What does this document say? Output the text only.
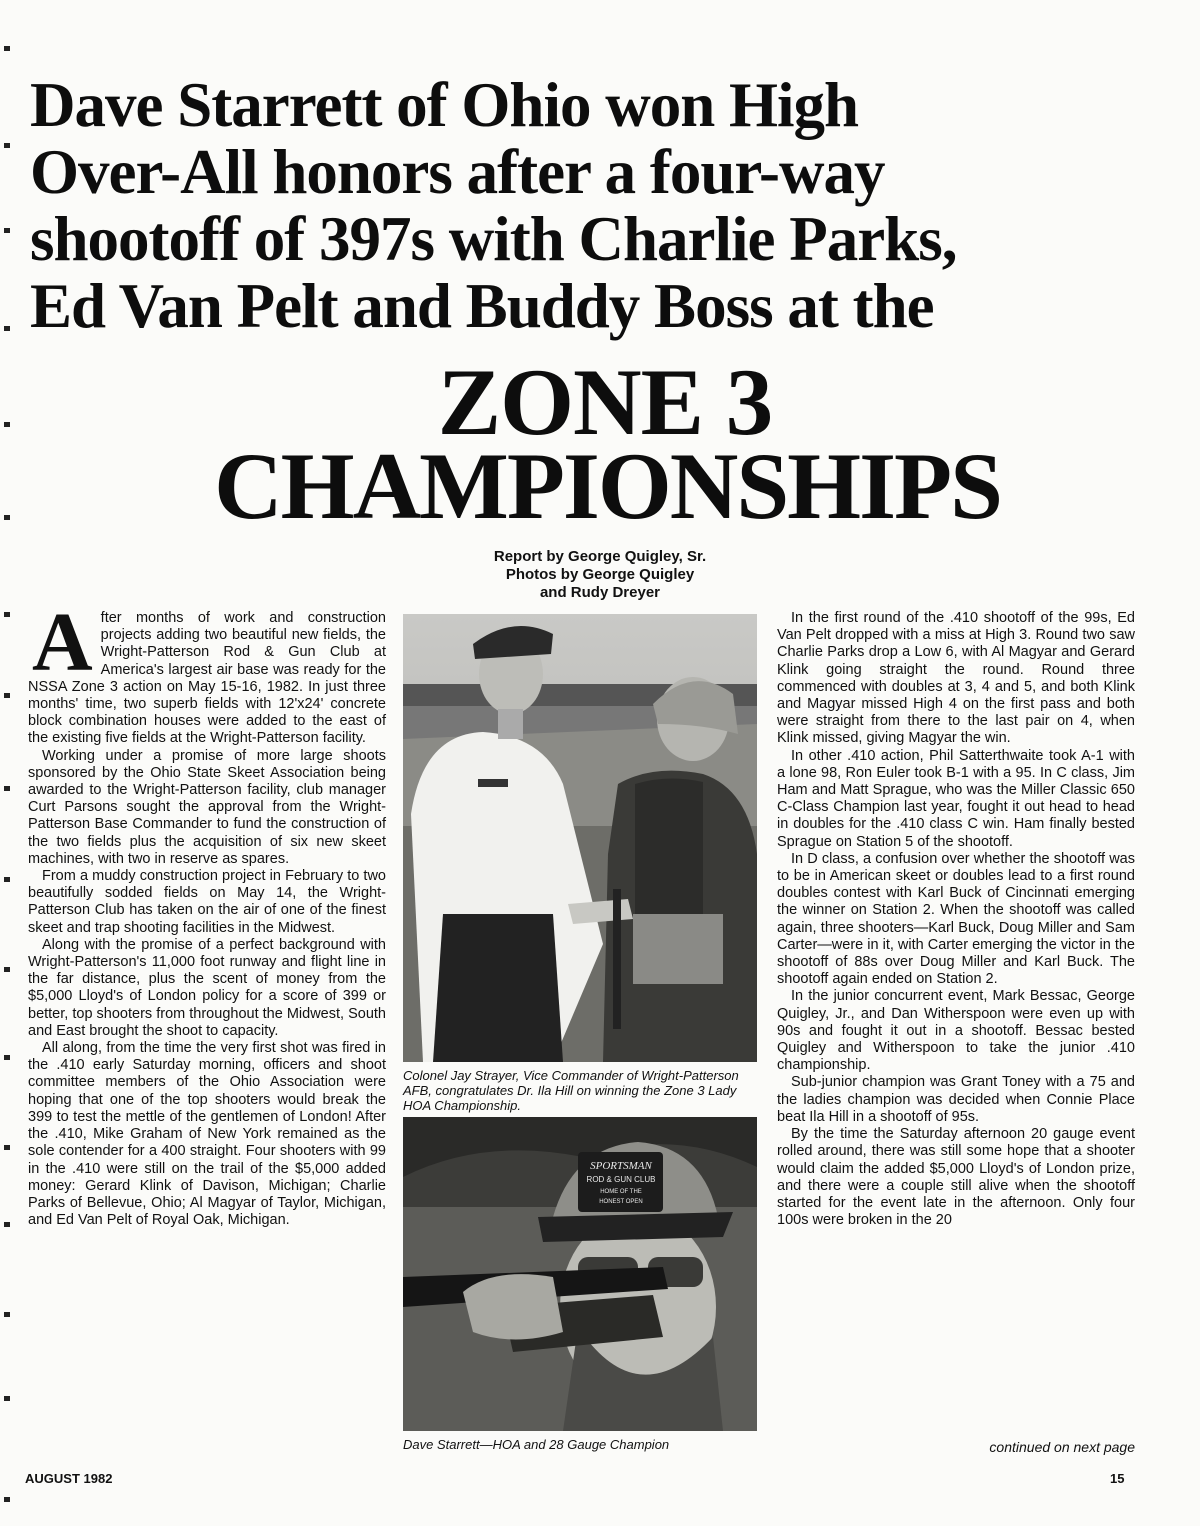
Dave Starrett of Ohio won High
Over-All honors after a four-way
shootoff of 397s with Charlie Parks,
Ed Van Pelt and Buddy Boss at the
ZONE 3
CHAMPIONSHIPS
Report by George Quigley, Sr.
Photos by George Quigley
and Rudy Dreyer

After months of work and construction projects adding two beautiful new fields, the Wright-Patterson Rod & Gun Club at America's largest air base was ready for the NSSA Zone 3 action on May 15-16, 1982. In just three months' time, two superb fields with 12'x24' concrete block combination houses were added to the east of the existing five fields at the Wright-Patterson facility.

Working under a promise of more large shoots sponsored by the Ohio State Skeet Association being awarded to the Wright-Patterson facility, club manager Curt Parsons sought the approval from the Wright-Patterson Base Commander to fund the construction of the two fields plus the acquisition of six new skeet machines, with two in reserve as spares.

From a muddy construction project in February to two beautifully sodded fields on May 14, the Wright-Patterson Club has taken on the air of one of the finest skeet and trap shooting facilities in the Midwest.

Along with the promise of a perfect background with Wright-Patterson's 11,000 foot runway and flight line in the far distance, plus the scent of money from the $5,000 Lloyd's of London policy for a score of 399 or better, top shooters from throughout the Midwest, South and East brought the shoot to capacity.

All along, from the time the very first shot was fired in the .410 early Saturday morning, officers and shoot committee members of the Ohio Association were hoping that one of the top shooters would break the 399 to test the mettle of the gentlemen of London! After the .410, Mike Graham of New York remained as the sole contender for a 400 straight. Four shooters with 99 in the .410 were still on the trail of the $5,000 added money: Gerard Klink of Davison, Michigan; Charlie Parks of Bellevue, Ohio; Al Magyar of Taylor, Michigan, and Ed Van Pelt of Royal Oak, Michigan.

Colonel Jay Strayer, Vice Commander of Wright-Patterson AFB, congratulates Dr. Ila Hill on winning the Zone 3 Lady HOA Championship.
SPORTSMAN
ROD & GUN CLUB
HOME OF THE
HONEST OPEN
Dave Starrett—HOA and 28 Gauge Champion

In the first round of the .410 shootoff of the 99s, Ed Van Pelt dropped with a miss at High 3. Round two saw Charlie Parks drop a Low 6, with Al Magyar and Gerard Klink going straight the round. Round three commenced with doubles at 3, 4 and 5, and both Klink and Magyar missed High 4 on the first pass and both were straight from there to the last pair on 4, when Klink missed, giving Magyar the win.

In other .410 action, Phil Satterthwaite took A-1 with a lone 98, Ron Euler took B-1 with a 95. In C class, Jim Ham and Matt Sprague, who was the Miller Classic 650 C-Class Champion last year, fought it out head to head in doubles for the .410 class C win. Ham finally bested Sprague on Station 5 of the shootoff.

In D class, a confusion over whether the shootoff was to be in American skeet or doubles lead to a first round doubles contest with Karl Buck of Cincinnati emerging the winner on Station 2. When the shootoff was called again, three shooters—Karl Buck, Doug Miller and Sam Carter—were in it, with Carter emerging the victor in the shootoff of 88s over Doug Miller and Karl Buck. The shootoff again ended on Station 2.

In the junior concurrent event, Mark Bessac, George Quigley, Jr., and Dan Witherspoon were even up with 90s and fought it out in a shootoff. Bessac bested Quigley and Witherspoon to take the junior .410 championship.

Sub-junior champion was Grant Toney with a 75 and the ladies champion was decided when Connie Place beat Ila Hill in a shootoff of 95s.

By the time the Saturday afternoon 20 gauge event rolled around, there was still some hope that a shooter would claim the added $5,000 Lloyd's of London prize, and there were a couple still alive when the shootoff started for the event late in the afternoon. Only four 100s were broken in the 20

continued on next page
AUGUST 1982	15
